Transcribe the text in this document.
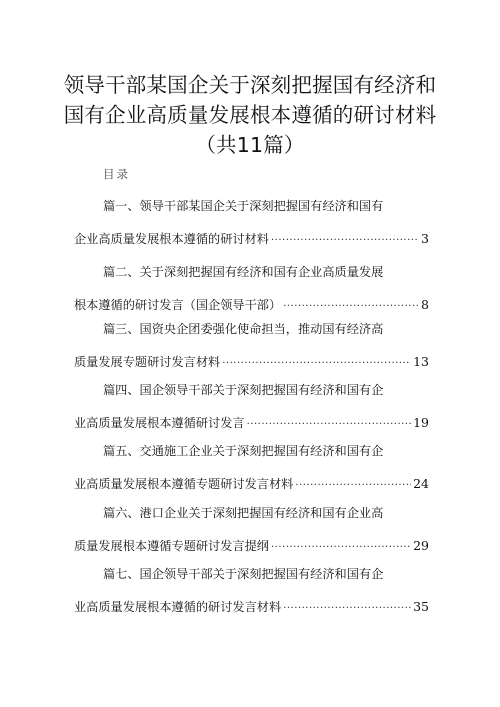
领导干部某国企关于深刻把握国有经济和
国有企业高质量发展根本遵循的研讨材料
（共11篇）
目录
篇一、领导干部某国企关于深刻把握国有经济和国有
企业高质量发展根本遵循的研讨材料 .....	3
篇二、关于深刻把握国有经济和国有企业高质量发展
根本遵循的研讨发言（国企领导干部） .....	8
篇三、国资央企团委强化使命担当，推动国有经济高
质量发展专题研讨发言材料 .....	13
篇四、国企领导干部关于深刻把握国有经济和国有企
业高质量发展根本遵循研讨发言 .....	19
篇五、交通施工企业关于深刻把握国有经济和国有企
业高质量发展根本遵循专题研讨发言材料 .....	24
篇六、港口企业关于深刻把握国有经济和国有企业高
质量发展根本遵循专题研讨发言提纲 .....	29
篇七、国企领导干部关于深刻把握国有经济和国有企
业高质量发展根本遵循的研讨发言材料 .....	35
